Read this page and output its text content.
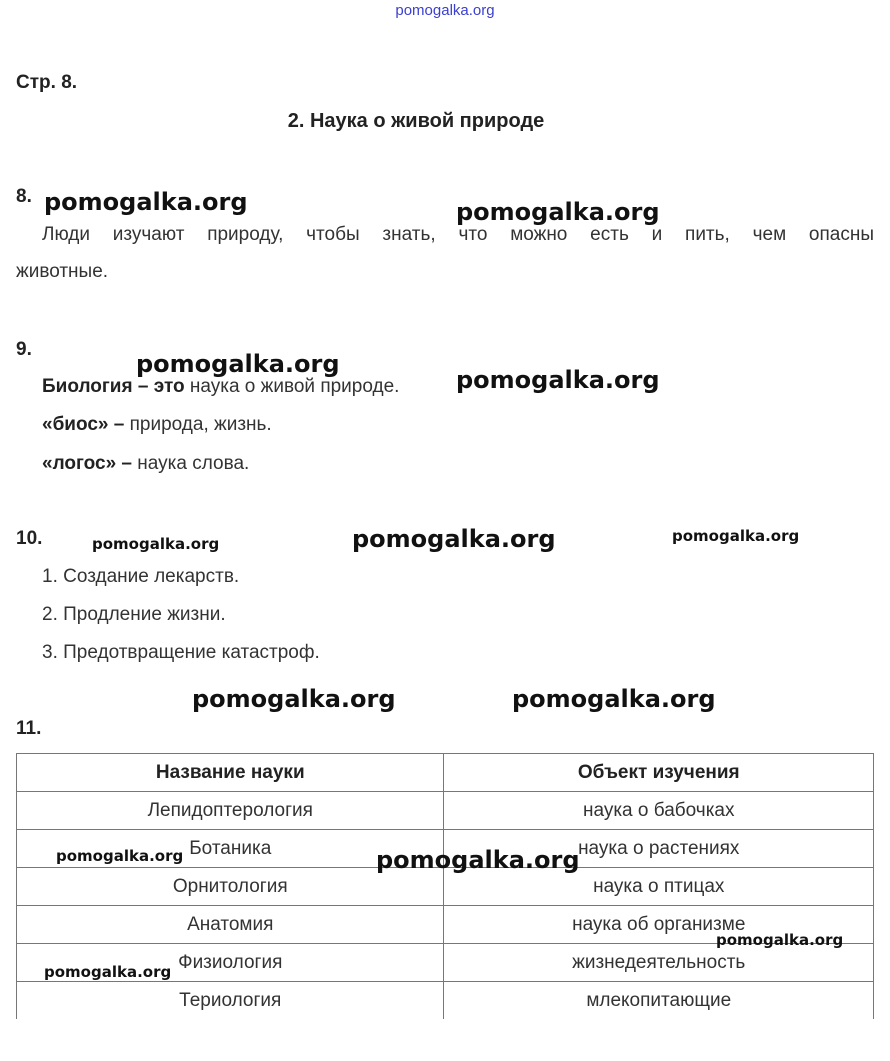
pomogalka.org
Стр. 8.
2. Наука о живой природе
8.
Люди изучают природу, чтобы знать, что можно есть и пить, чем опасны
животные.
9.
Биология – это наука о живой природе.
«биос» – природа, жизнь.
«логос» – наука слова.
10.
1. Создание лекарств.
2. Продление жизни.
3. Предотвращение катастроф.
11.
Название науки	Объект изучения
Лепидоптерология	наука о бабочках
Ботаника	наука о растениях
Орнитология	наука о птицах
Анатомия	наука об организме
Физиология	жизнедеятельность
Териология	млекопитающие
pomogalka.org	pomogalka.org
pomogalka.org
pomogalka.org
pomogalka.org	pomogalka.org	pomogalka.org
pomogalka.org	pomogalka.org
pomogalka.org	pomogalka.org
pomogalka.org
pomogalka.org
